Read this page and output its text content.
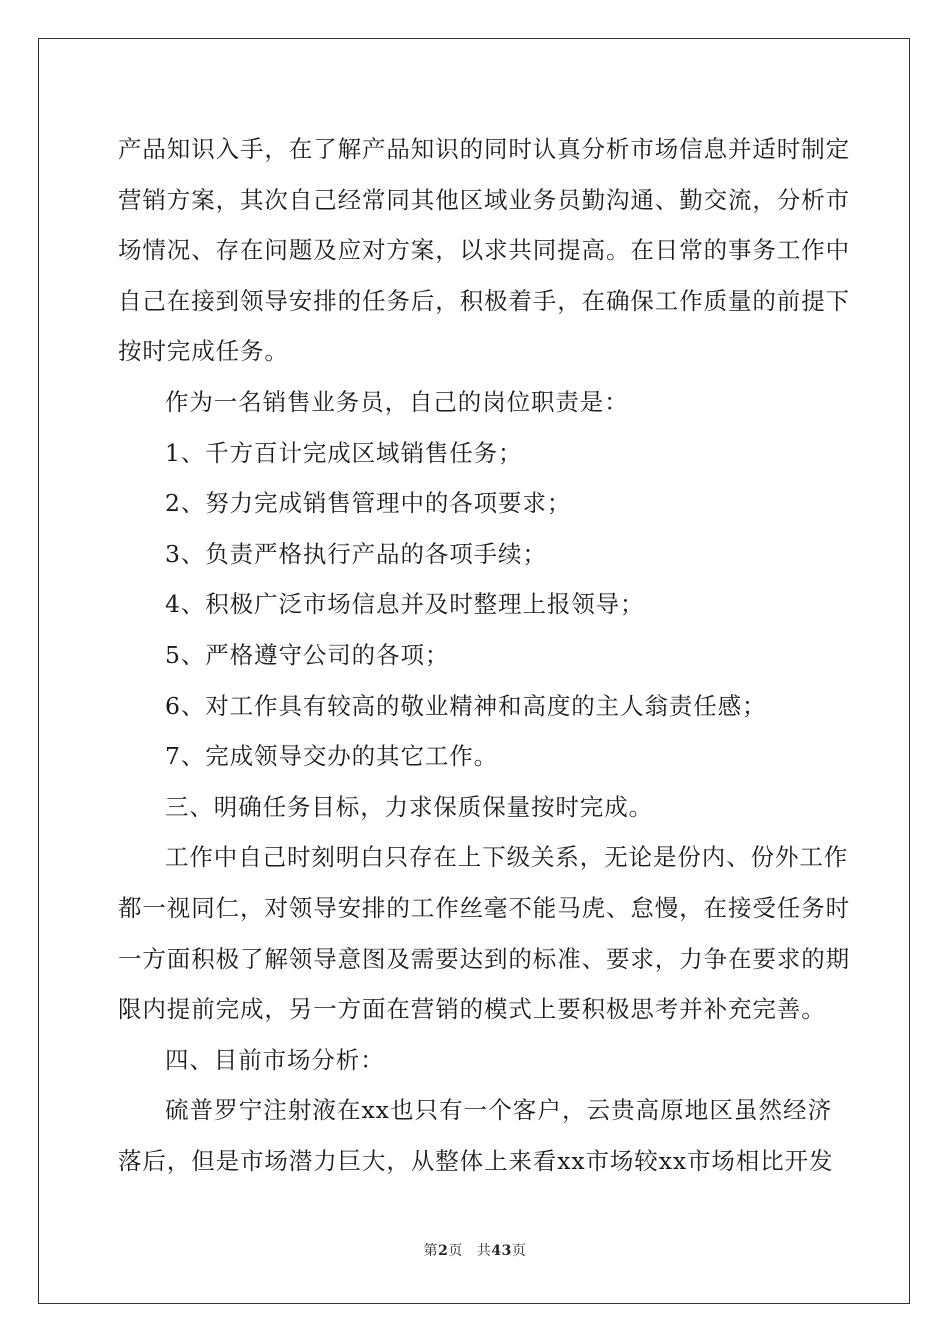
产品知识入手，在了解产品知识的同时认真分析市场信息并适时制定
营销方案，其次自己经常同其他区域业务员勤沟通、勤交流，分析市
场情况、存在问题及应对方案，以求共同提高。在日常的事务工作中
自己在接到领导安排的任务后，积极着手，在确保工作质量的前提下
按时完成任务。
作为一名销售业务员，自己的岗位职责是：
1、千方百计完成区域销售任务；
2、努力完成销售管理中的各项要求；
3、负责严格执行产品的各项手续；
4、积极广泛市场信息并及时整理上报领导；
5、严格遵守公司的各项；
6、对工作具有较高的敬业精神和高度的主人翁责任感；
7、完成领导交办的其它工作。
三、明确任务目标，力求保质保量按时完成。
工作中自己时刻明白只存在上下级关系，无论是份内、份外工作
都一视同仁，对领导安排的工作丝毫不能马虎、怠慢，在接受任务时
一方面积极了解领导意图及需要达到的标准、要求，力争在要求的期
限内提前完成，另一方面在营销的模式上要积极思考并补充完善。
四、目前市场分析：
硫普罗宁注射液在xx也只有一个客户，云贵高原地区虽然经济
落后，但是市场潜力巨大，从整体上来看xx市场较xx市场相比开发
第2页 共43页
